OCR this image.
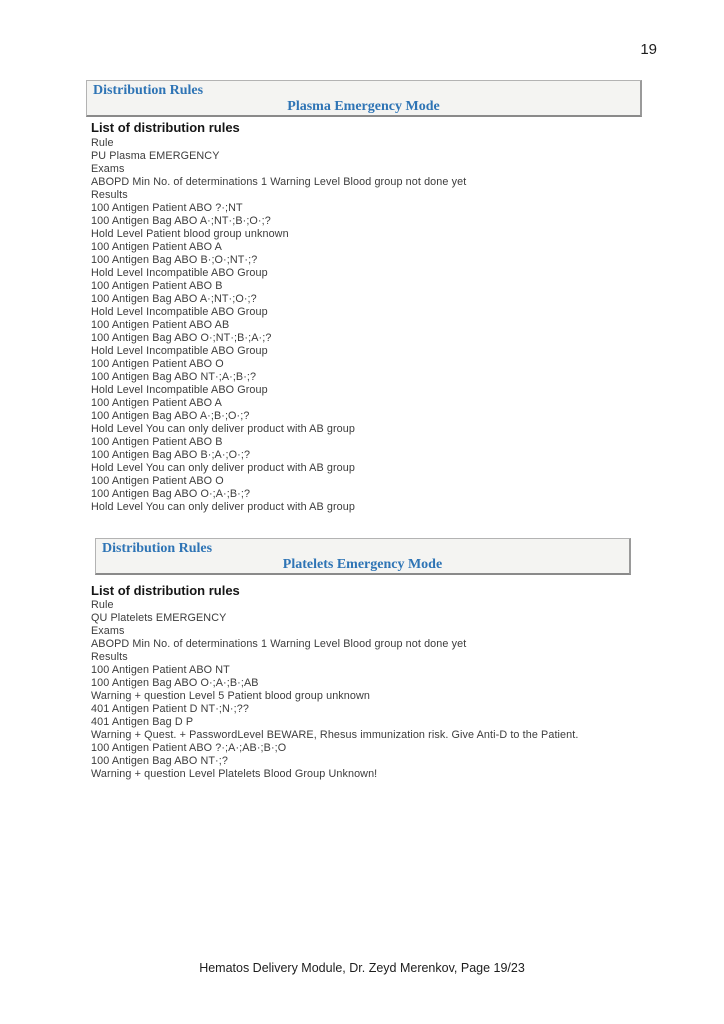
19
Distribution Rules
Plasma Emergency Mode
List of distribution rules
Rule
PU Plasma EMERGENCY
Exams
ABOPD Min No. of determinations 1 Warning Level Blood group not done yet
Results
100 Antigen Patient ABO ?·;NT
100 Antigen Bag ABO A·;NT·;B·;O·;?
Hold Level Patient blood group unknown
100 Antigen Patient ABO A
100 Antigen Bag ABO B·;O·;NT·;?
Hold Level Incompatible ABO Group
100 Antigen Patient ABO B
100 Antigen Bag ABO A·;NT·;O·;?
Hold Level Incompatible ABO Group
100 Antigen Patient ABO AB
100 Antigen Bag ABO O·;NT·;B·;A·;?
Hold Level Incompatible ABO Group
100 Antigen Patient ABO O
100 Antigen Bag ABO NT·;A·;B·;?
Hold Level Incompatible ABO Group
100 Antigen Patient ABO A
100 Antigen Bag ABO A·;B·;O·;?
Hold Level You can only deliver product with AB group
100 Antigen Patient ABO B
100 Antigen Bag ABO B·;A·;O·;?
Hold Level You can only deliver product with AB group
100 Antigen Patient ABO O
100 Antigen Bag ABO O·;A·;B·;?
Hold Level You can only deliver product with AB group
Distribution Rules
Platelets Emergency Mode
List of distribution rules
Rule
QU Platelets EMERGENCY
Exams
ABOPD Min No. of determinations 1 Warning Level Blood group not done yet
Results
100 Antigen Patient ABO NT
100 Antigen Bag ABO O·;A·;B·;AB
Warning + question Level 5 Patient blood group unknown
401 Antigen Patient D NT·;N·;??
401 Antigen Bag D P
Warning + Quest. + PasswordLevel BEWARE, Rhesus immunization risk. Give Anti-D to the Patient.
100 Antigen Patient ABO ?·;A·;AB·;B·;O
100 Antigen Bag ABO NT·;?
Warning + question Level Platelets Blood Group Unknown!
Hematos Delivery Module, Dr. Zeyd Merenkov, Page 19/23
